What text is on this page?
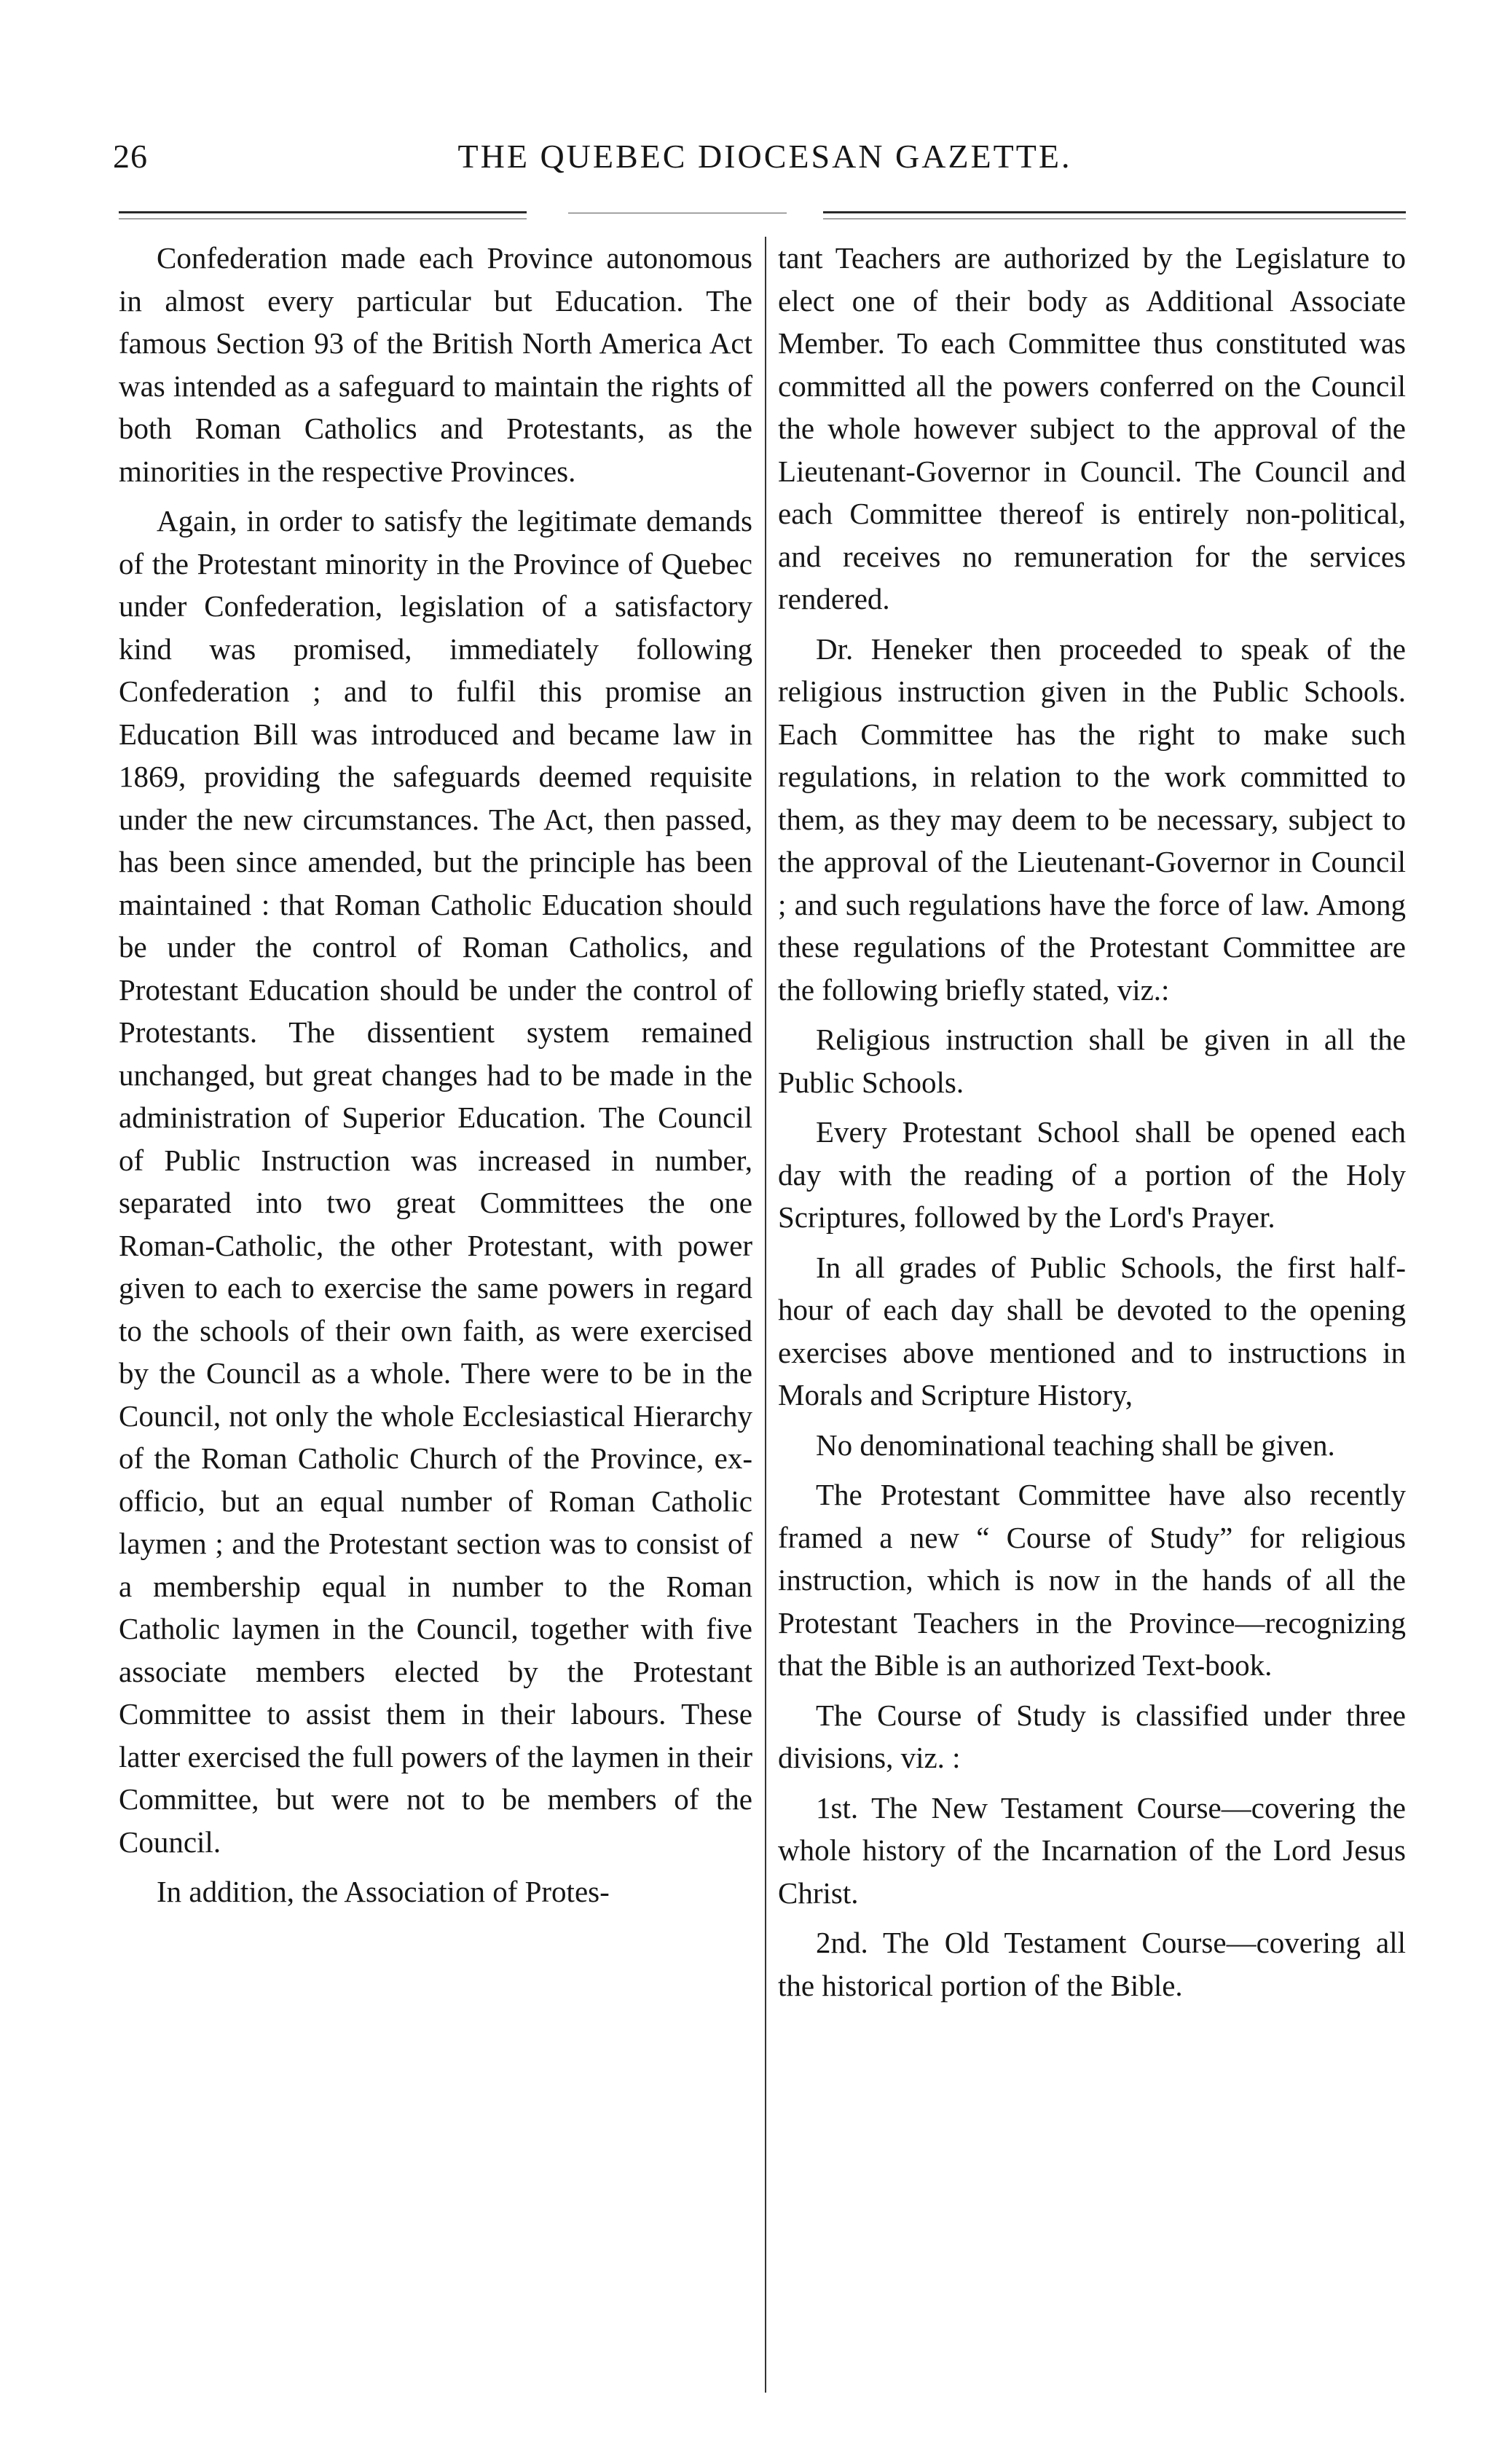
26	THE QUEBEC DIOCESAN GAZETTE.

Confederation made each Province autonomous in almost every particular but Education. The famous Section 93 of the British North America Act was intended as a safeguard to maintain the rights of both Roman Catholics and Protestants, as the minorities in the respective Provinces.

Again, in order to satisfy the legitimate demands of the Protestant minority in the Province of Quebec under Confederation, legislation of a satisfactory kind was promised, immediately following Confederation ; and to fulfil this promise an Education Bill was introduced and became law in 1869, providing the safeguards deemed requisite under the new circumstances. The Act, then passed, has been since amended, but the principle has been maintained : that Roman Catholic Education should be under the control of Roman Catholics, and Protestant Education should be under the control of Protestants. The dissentient system remained unchanged, but great changes had to be made in the administration of Superior Education. The Council of Public Instruction was increased in number, separated into two great Committees the one Roman-Catholic, the other Protestant, with power given to each to exercise the same powers in regard to the schools of their own faith, as were exercised by the Council as a whole. There were to be in the Council, not only the whole Ecclesiastical Hierarchy of the Roman Catholic Church of the Province, ex-officio, but an equal number of Roman Catholic laymen ; and the Protestant section was to consist of a membership equal in number to the Roman Catholic laymen in the Council, together with five associate members elected by the Protestant Committee to assist them in their labours. These latter exercised the full powers of the laymen in their Committee, but were not to be members of the Council.

In addition, the Association of Protes-

tant Teachers are authorized by the Legislature to elect one of their body as Additional Associate Member. To each Committee thus constituted was committed all the powers conferred on the Council the whole however subject to the approval of the Lieutenant-Governor in Council. The Council and each Committee thereof is entirely non-political, and receives no remuneration for the services rendered.

Dr. Heneker then proceeded to speak of the religious instruction given in the Public Schools. Each Committee has the right to make such regulations, in relation to the work committed to them, as they may deem to be necessary, subject to the approval of the Lieutenant-Governor in Council ; and such regulations have the force of law. Among these regulations of the Protestant Committee are the following briefly stated, viz.:

Religious instruction shall be given in all the Public Schools.

Every Protestant School shall be opened each day with the reading of a portion of the Holy Scriptures, followed by the Lord's Prayer.

In all grades of Public Schools, the first half-hour of each day shall be devoted to the opening exercises above mentioned and to instructions in Morals and Scripture History,

No denominational teaching shall be given.

The Protestant Committee have also recently framed a new “ Course of Study” for religious instruction, which is now in the hands of all the Protestant Teachers in the Province—recognizing that the Bible is an authorized Text-book.

The Course of Study is classified under three divisions, viz. :

1st. The New Testament Course—covering the whole history of the Incarnation of the Lord Jesus Christ.

2nd. The Old Testament Course—covering all the historical portion of the Bible.
